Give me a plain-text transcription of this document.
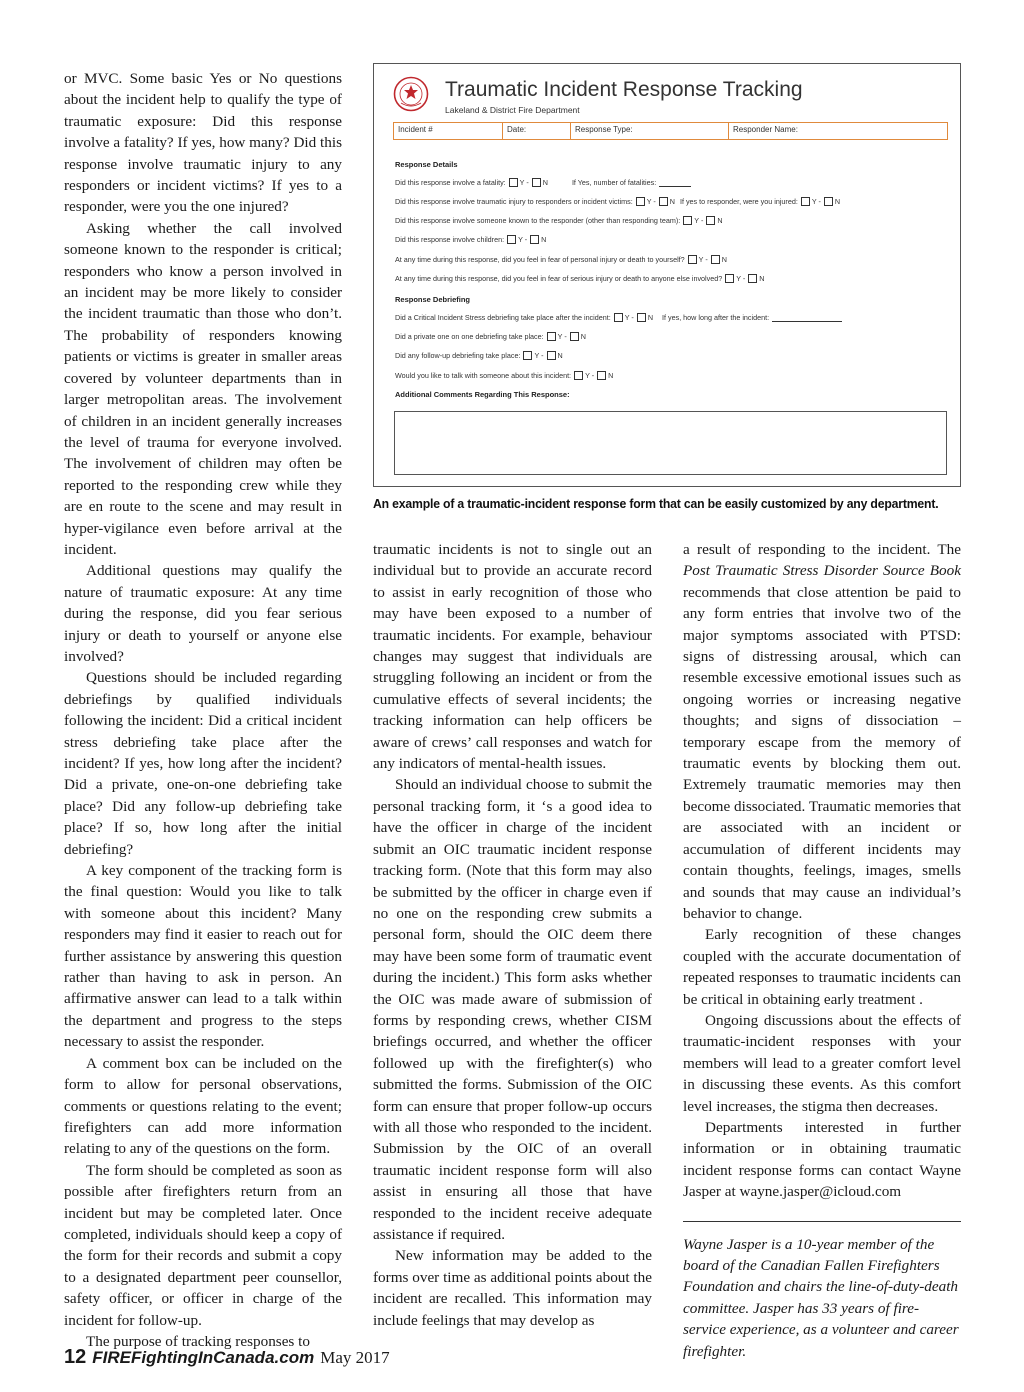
or MVC. Some basic Yes or No questions about the incident help to qualify the type of traumatic exposure: Did this response involve a fatality? If yes, how many? Did this response involve traumatic injury to any responders or incident victims? If yes to a responder, were you the one injured?

Asking whether the call involved someone known to the responder is critical; responders who know a person involved in an incident may be more likely to consider the incident traumatic than those who don’t. The probability of responders knowing patients or victims is greater in smaller areas covered by volunteer departments than in larger metropolitan areas. The involvement of children in an incident generally increases the level of trauma for everyone involved. The involvement of children may often be reported to the responding crew while they are en route to the scene and may result in hyper-vigilance even before arrival at the incident.

Additional questions may qualify the nature of traumatic exposure: At any time during the response, did you fear serious injury or death to yourself or anyone else involved?

Questions should be included regarding debriefings by qualified individuals following the incident: Did a critical incident stress debriefing take place after the incident? If yes, how long after the incident? Did a private, one-on-one debriefing take place? Did any follow-up debriefing take place? If so, how long after the initial debriefing?

A key component of the tracking form is the final question: Would you like to talk with someone about this incident? Many responders may find it easier to reach out for further assistance by answering this question rather than having to ask in person. An affirmative answer can lead to a talk within the department and progress to the steps necessary to assist the responder.

A comment box can be included on the form to allow for personal observations, comments or questions relating to the event; firefighters can add more information relating to any of the questions on the form.

The form should be completed as soon as possible after firefighters return from an incident but may be completed later. Once completed, individuals should keep a copy of the form for their records and submit a copy to a designated department peer counsellor, safety officer, or officer in charge of the incident for follow-up.

The purpose of tracking responses to

Traumatic Incident Response Tracking
Lakeland & District Fire Department
Incident #	Date:	Response Type:	Responder Name:
Response Details
Did this response involve a fatality: Y - N	If Yes, number of fatalities:
Did this response involve traumatic injury to responders or incident victims: Y - N If yes to responder, were you injured: Y - N
Did this response involve someone known to the responder (other than responding team): Y - N
Did this response involve children: Y - N
At any time during this response, did you feel in fear of personal injury or death to yourself? Y - N
At any time during this response, did you feel in fear of serious injury or death to anyone else involved? Y - N
Response Debriefing
Did a Critical Incident Stress debriefing take place after the incident: Y - N If yes, how long after the incident:
Did a private one on one debriefing take place: Y - N
Did any follow-up debriefing take place: Y - N
Would you like to talk with someone about this incident: Y - N
Additional Comments Regarding This Response:
An example of a traumatic-incident response form that can be easily customized by any department.

traumatic incidents is not to single out an individual but to provide an accurate record to assist in early recognition of those who may have been exposed to a number of traumatic incidents. For example, behaviour changes may suggest that individuals are struggling following an incident or from the cumulative effects of several incidents; the tracking information can help officers be aware of crews’ call responses and watch for any indicators of mental-health issues.

Should an individual choose to submit the personal tracking form, it ‘s a good idea to have the officer in charge of the incident submit an OIC traumatic incident response tracking form. (Note that this form may also be submitted by the officer in charge even if no one on the responding crew submits a personal form, should the OIC deem there may have been some form of traumatic event during the incident.) This form asks whether the OIC was made aware of submission of forms by responding crews, whether CISM briefings occurred, and whether the officer followed up with the firefighter(s) who submitted the forms. Submission of the OIC form can ensure that proper follow-up occurs with all those who responded to the incident. Submission by the OIC of an overall traumatic incident response form will also assist in ensuring all those that have responded to the incident receive adequate assistance if required.

New information may be added to the forms over time as additional points about the incident are recalled. This information may include feelings that may develop as

a result of responding to the incident. The Post Traumatic Stress Disorder Source Book recommends that close attention be paid to any form entries that involve two of the major symptoms associated with PTSD: signs of distressing arousal, which can resemble excessive emotional issues such as ongoing worries or increasing negative thoughts; and signs of dissociation – temporary escape from the memory of traumatic events by blocking them out. Extremely traumatic memories may then become dissociated. Traumatic memories that are associated with an incident or accumulation of different incidents may contain thoughts, feelings, images, smells and sounds that may cause an individual’s behavior to change.

Early recognition of these changes coupled with the accurate documentation of repeated responses to traumatic incidents can be critical in obtaining early treatment .

Ongoing discussions about the effects of traumatic-incident responses with your members will lead to a greater comfort level in discussing these events. As this comfort level increases, the stigma then decreases.

Departments interested in further information or in obtaining traumatic incident response forms can contact Wayne Jasper at wayne.jasper@icloud.com

Wayne Jasper is a 10-year member of the board of the Canadian Fallen Firefighters Foundation and chairs the line-of-duty-death committee. Jasper has 33 years of fire-service experience, as a volunteer and career firefighter.

12 FIREFightingInCanada.com May 2017
